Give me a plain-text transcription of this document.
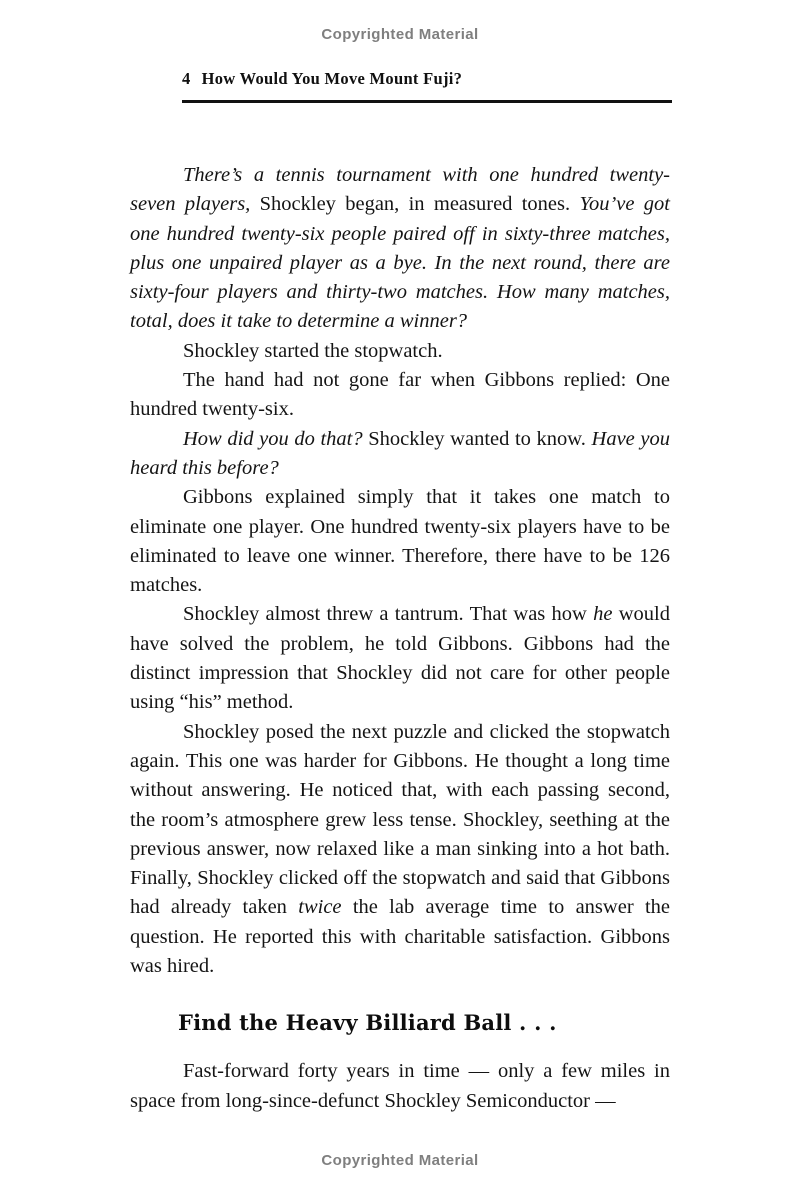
Copyrighted Material
4 How Would You Move Mount Fuji?

There’s a tennis tournament with one hundred twenty-seven players, Shockley began, in measured tones. You’ve got one hundred twenty-six people paired off in sixty-three matches, plus one unpaired player as a bye. In the next round, there are sixty-four players and thirty-two matches. How many matches, total, does it take to determine a winner?

Shockley started the stopwatch.

The hand had not gone far when Gibbons replied: One hundred twenty-six.

How did you do that? Shockley wanted to know. Have you heard this before?

Gibbons explained simply that it takes one match to eliminate one player. One hundred twenty-six players have to be eliminated to leave one winner. Therefore, there have to be 126 matches.

Shockley almost threw a tantrum. That was how he would have solved the problem, he told Gibbons. Gibbons had the distinct impression that Shockley did not care for other people using “his” method.

Shockley posed the next puzzle and clicked the stopwatch again. This one was harder for Gibbons. He thought a long time without answering. He noticed that, with each passing second, the room’s atmosphere grew less tense. Shockley, seething at the previous answer, now relaxed like a man sinking into a hot bath. Finally, Shockley clicked off the stopwatch and said that Gibbons had already taken twice the lab average time to answer the question. He reported this with charitable satisfaction. Gibbons was hired.

Find the Heavy Billiard Ball . . .

Fast-forward forty years in time — only a few miles in space from long-since-defunct Shockley Semiconductor —

Copyrighted Material
